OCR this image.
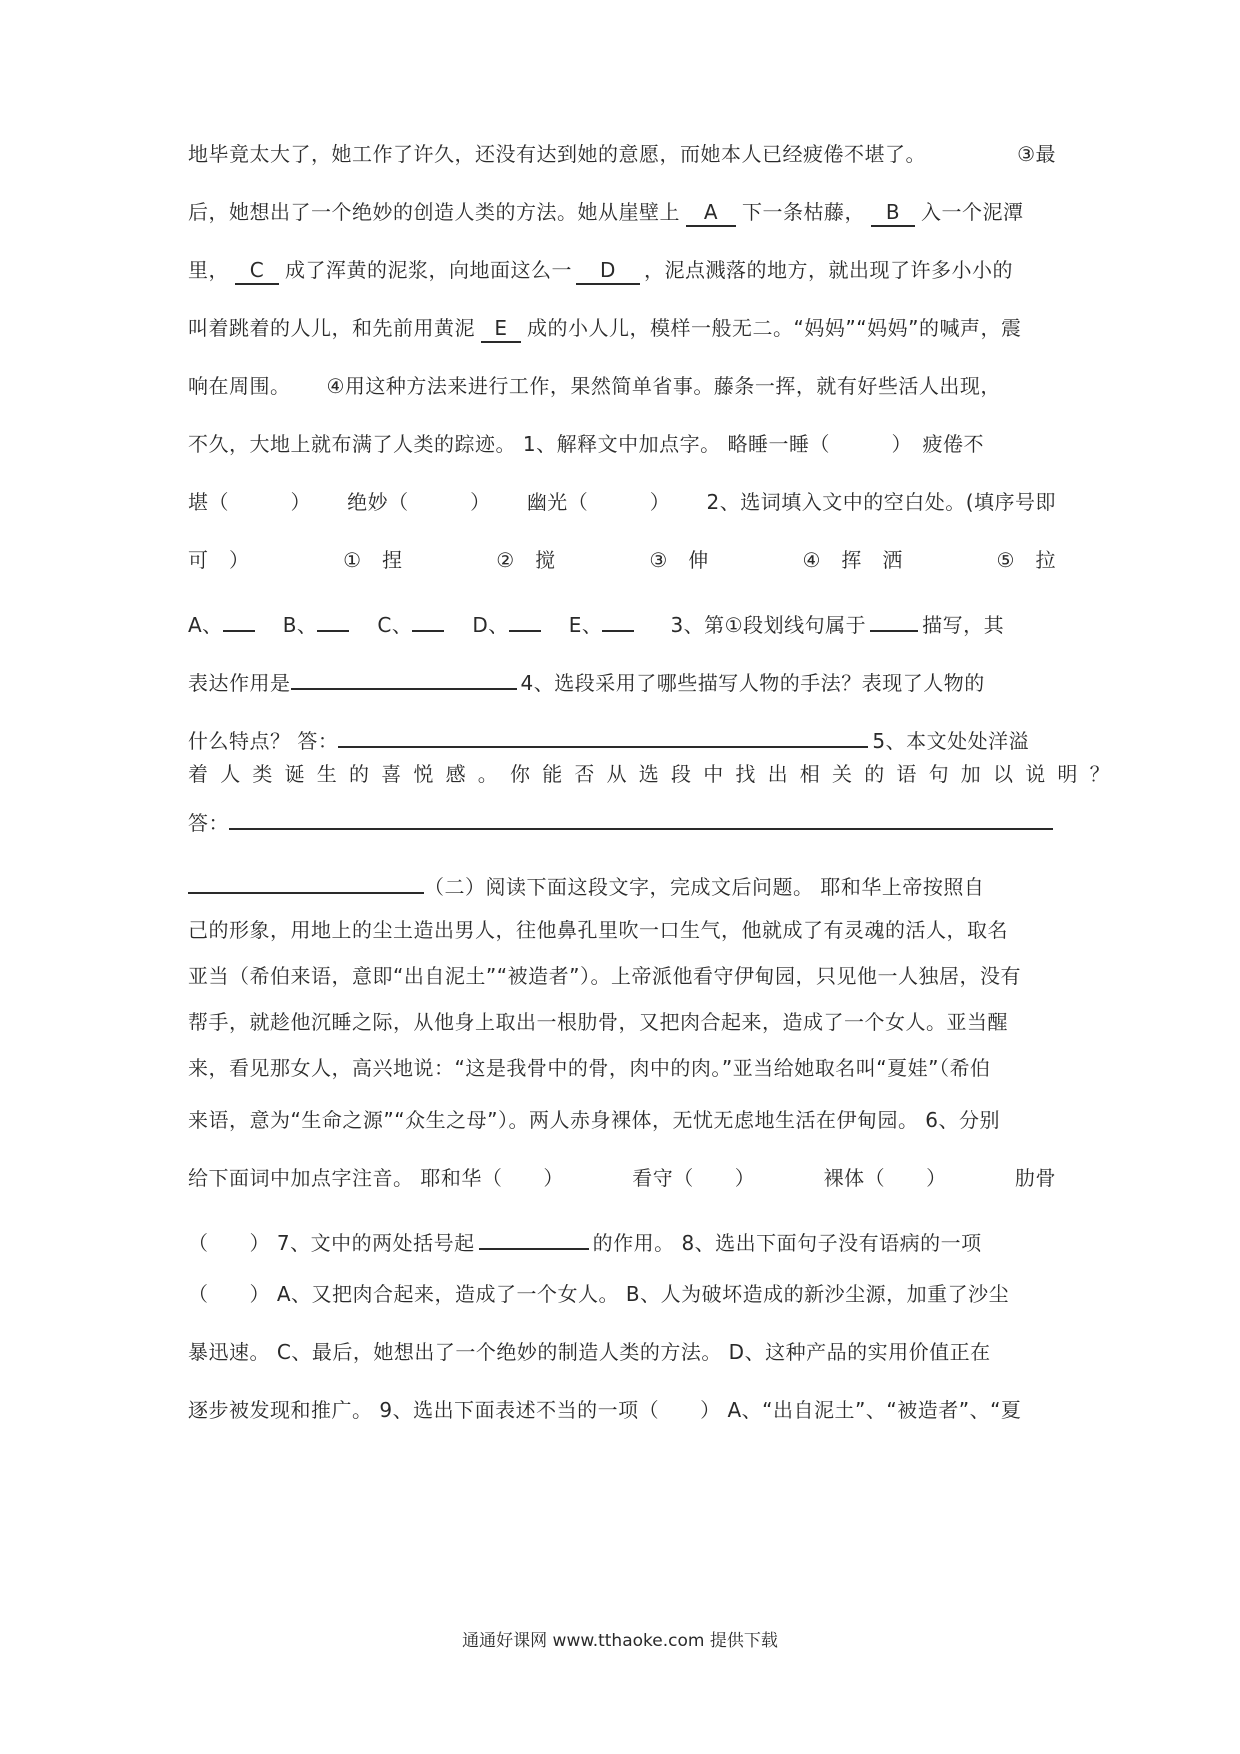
地毕竟太大了，她工作了许久，还没有达到她的意愿，而她本人已经疲倦不堪了。	③最
后，她想出了一个绝妙的创造人类的方法。她从崖壁上 A 下一条枯藤， B 入一个泥潭
里， C 成了浑黄的泥浆，向地面这么一 D ，泥点溅落的地方，就出现了许多小小的
叫着跳着的人儿，和先前用黄泥 E 成的小人儿，模样一般无二。“妈妈”“妈妈”的喊声，震
响在周围。 ④用这种方法来进行工作，果然简单省事。藤条一挥，就有好些活人出现，
不久，大地上就布满了人类的踪迹。 1、解释文中加点字。 略睡一睡（　　　）　疲倦不
堪（　　　） 绝妙（　　　） 幽光（　　　） 2、选词填入文中的空白处。(填序号即
可　）	①　捏	②　搅	③　伸	④　挥　洒	⑤　拉
A、	B、	C、	D、	E、	3、第①段划线句属于	描写，其
表达作用是	4、选段采用了哪些描写人物的手法？表现了人物的
什么特点？ 答：	5、本文处处洋溢
着人类诞生的喜悦感。你能否从选段中找出相关的语句加以说明？
答：
（二）阅读下面这段文字，完成文后问题。 耶和华上帝按照自
己的形象，用地上的尘土造出男人，往他鼻孔里吹一口生气，他就成了有灵魂的活人，取名
亚当（希伯来语，意即“出自泥土”“被造者”）。上帝派他看守伊甸园，只见他一人独居，没有
帮手，就趁他沉睡之际，从他身上取出一根肋骨，又把肉合起来，造成了一个女人。亚当醒
来，看见那女人，高兴地说：“这是我骨中的骨，肉中的肉。”亚当给她取名叫“夏娃”（希伯
来语，意为“生命之源”“众生之母”）。两人赤身裸体，无忧无虑地生活在伊甸园。 6、分别
给下面词中加点字注音。 耶和华（　　）	看守（　　）	裸体（　　）	肋骨
（　　） 7、文中的两处括号起	的作用。 8、选出下面句子没有语病的一项
（　　） A、又把肉合起来，造成了一个女人。 B、人为破坏造成的新沙尘源，加重了沙尘
暴迅速。 C、最后，她想出了一个绝妙的制造人类的方法。 D、这种产品的实用价值正在
逐步被发现和推广。 9、选出下面表述不当的一项（　　） A、“出自泥土”、“被造者”、“夏
通通好课网 www.tthaoke.com 提供下载
